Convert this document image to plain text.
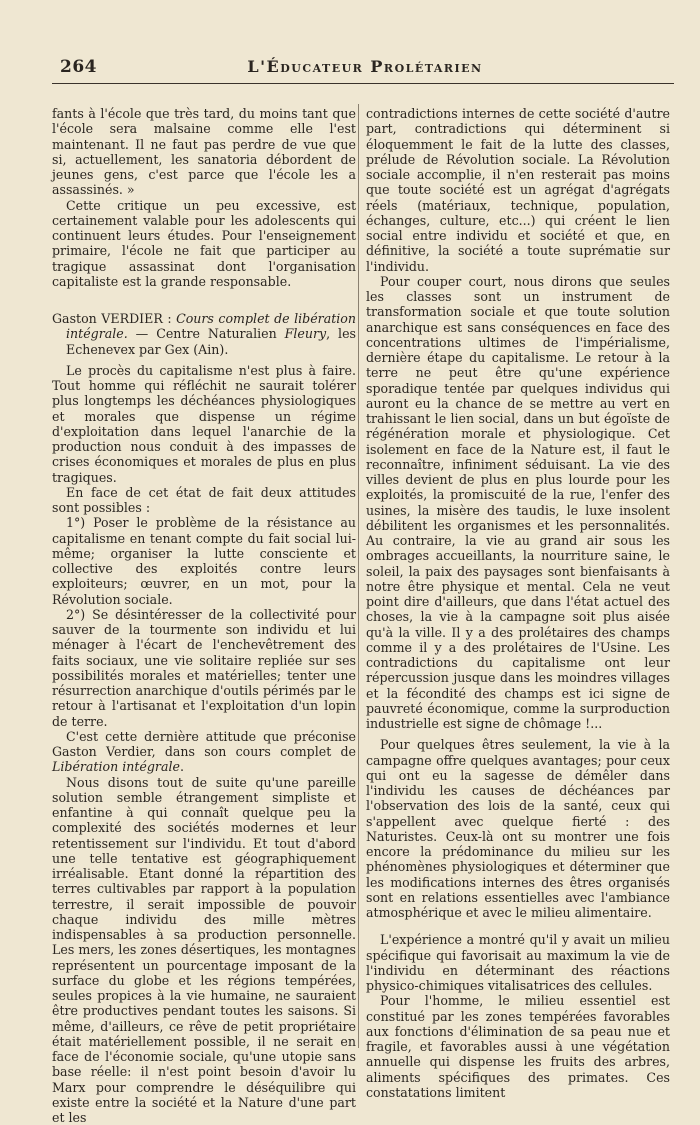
264	L'Éducateur Prolétarien

fants à l'école que très tard, du moins tant que l'école sera malsaine comme elle l'est maintenant. Il ne faut pas perdre de vue que si, actuellement, les sanatoria débordent de jeunes gens, c'est parce que l'école les a assassinés. »

Cette critique un peu excessive, est certainement valable pour les adolescents qui continuent leurs études. Pour l'enseignement primaire, l'école ne fait que participer au tragique assassinat dont l'organisation capitaliste est la grande responsable.

Gaston VERDIER : Cours complet de libération intégrale. — Centre Naturalien Fleury, les Echenevex par Gex (Ain).

Le procès du capitalisme n'est plus à faire. Tout homme qui réfléchit ne saurait tolérer plus longtemps les déchéances physiologiques et morales que dispense un régime d'exploitation dans lequel l'anarchie de la production nous conduit à des impasses de crises économiques et morales de plus en plus tragiques.

En face de cet état de fait deux attitudes sont possibles :

1°) Poser le problème de la résistance au capitalisme en tenant compte du fait social lui-même; organiser la lutte consciente et collective des exploités contre leurs exploiteurs; œuvrer, en un mot, pour la Révolution sociale.

2°) Se désintéresser de la collectivité pour sauver de la tourmente son individu et lui ménager à l'écart de l'enchevêtrement des faits sociaux, une vie solitaire repliée sur ses possibilités morales et matérielles; tenter une résurrection anarchique d'outils périmés par le retour à l'artisanat et l'exploitation d'un lopin de terre.

C'est cette dernière attitude que préconise Gaston Verdier, dans son cours complet de Libération intégrale.

Nous disons tout de suite qu'une pareille solution semble étrangement simpliste et enfantine à qui connaît quelque peu la complexité des sociétés modernes et leur retentissement sur l'individu. Et tout d'abord une telle tentative est géographiquement irréalisable. Etant donné la répartition des terres cultivables par rapport à la population terrestre, il serait impossible de pouvoir chaque individu des mille mètres indispensables à sa production personnelle. Les mers, les zones désertiques, les montagnes représentent un pourcentage imposant de la surface du globe et les régions tempérées, seules propices à la vie humaine, ne sauraient être productives pendant toutes les saisons. Si même, d'ailleurs, ce rêve de petit propriétaire était matériellement possible, il ne serait en face de l'économie sociale, qu'une utopie sans base réelle: il n'est point besoin d'avoir lu Marx pour comprendre le déséquilibre qui existe entre la société et la Nature d'une part et les

contradictions internes de cette société d'autre part, contradictions qui déterminent si éloquemment le fait de la lutte des classes, prélude de Révolution sociale. La Révolution sociale accomplie, il n'en resterait pas moins que toute société est un agrégat d'agrégats réels (matériaux, technique, population, échanges, culture, etc...) qui créent le lien social entre individu et société et que, en définitive, la société a toute suprématie sur l'individu.

Pour couper court, nous dirons que seules les classes sont un instrument de transformation sociale et que toute solution anarchique est sans conséquences en face des concentrations ultimes de l'impérialisme, dernière étape du capitalisme. Le retour à la terre ne peut être qu'une expérience sporadique tentée par quelques individus qui auront eu la chance de se mettre au vert en trahissant le lien social, dans un but égoïste de régénération morale et physiologique. Cet isolement en face de la Nature est, il faut le reconnaître, infiniment séduisant. La vie des villes devient de plus en plus lourde pour les exploités, la promiscuité de la rue, l'enfer des usines, la misère des taudis, le luxe insolent débilitent les organismes et les personnalités. Au contraire, la vie au grand air sous les ombrages accueillants, la nourriture saine, le soleil, la paix des paysages sont bienfaisants à notre être physique et mental. Cela ne veut point dire d'ailleurs, que dans l'état actuel des choses, la vie à la campagne soit plus aisée qu'à la ville. Il y a des prolétaires des champs comme il y a des prolétaires de l'Usine. Les contradictions du capitalisme ont leur répercussion jusque dans les moindres villages et la fécondité des champs est ici signe de pauvreté économique, comme la surproduction industrielle est signe de chômage !...

Pour quelques êtres seulement, la vie à la campagne offre quelques avantages; pour ceux qui ont eu la sagesse de démêler dans l'individu les causes de déchéances par l'observation des lois de la santé, ceux qui s'appellent avec quelque fierté : des Naturistes. Ceux-là ont su montrer une fois encore la prédominance du milieu sur les phénomènes physiologiques et déterminer que les modifications internes des êtres organisés sont en relations essentielles avec l'ambiance atmosphérique et avec le milieu alimentaire.

L'expérience a montré qu'il y avait un milieu spécifique qui favorisait au maximum la vie de l'individu en déterminant des réactions physico-chimiques vitalisatrices des cellules.

Pour l'homme, le milieu essentiel est constitué par les zones tempérées favorables aux fonctions d'élimination de sa peau nue et fragile, et favorables aussi à une végétation annuelle qui dispense les fruits des arbres, aliments spécifiques des primates. Ces constatations limitent
